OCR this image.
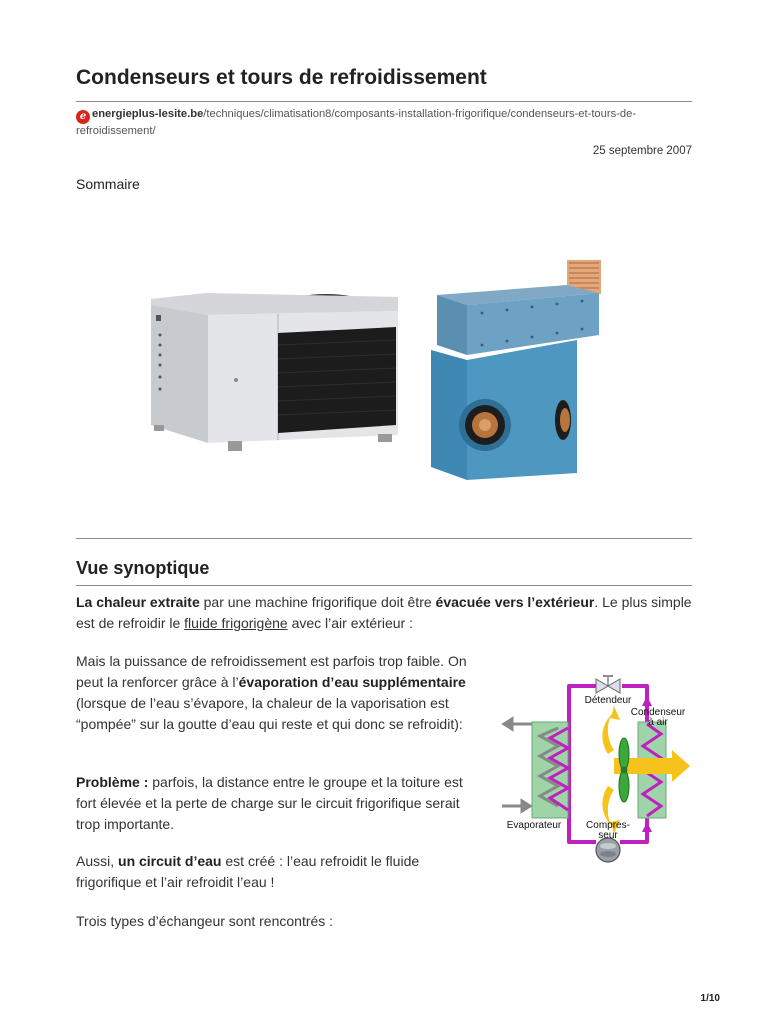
Condenseurs et tours de refroidissement
e energieplus-lesite.be/techniques/climatisation8/composants-installation-frigorifique/condenseurs-et-tours-de-refroidissement/
25 septembre 2007
Sommaire
Vue synoptique
La chaleur extraite par une machine frigorifique doit être évacuée vers l’extérieur. Le plus simple est de refroidir le fluide frigorigène avec l’air extérieur :
Mais la puissance de refroidissement est parfois trop faible. On peut la renforcer grâce à l’évaporation d’eau supplémentaire (lorsque de l’eau s’évapore, la chaleur de la vaporisation est “pompée” sur la goutte d’eau qui reste et qui donc se refroidit):
Problème : parfois, la distance entre le groupe et la toiture est fort élevée et la perte de charge sur le circuit frigorifique serait trop importante.
Aussi, un circuit d’eau est créé : l’eau refroidit le fluide frigorifique et l’air refroidit l’eau !
Trois types d’échangeur sont rencontrés :
Détendeur
Condenseur
à air
Evaporateur Compres-
seur
1/10
